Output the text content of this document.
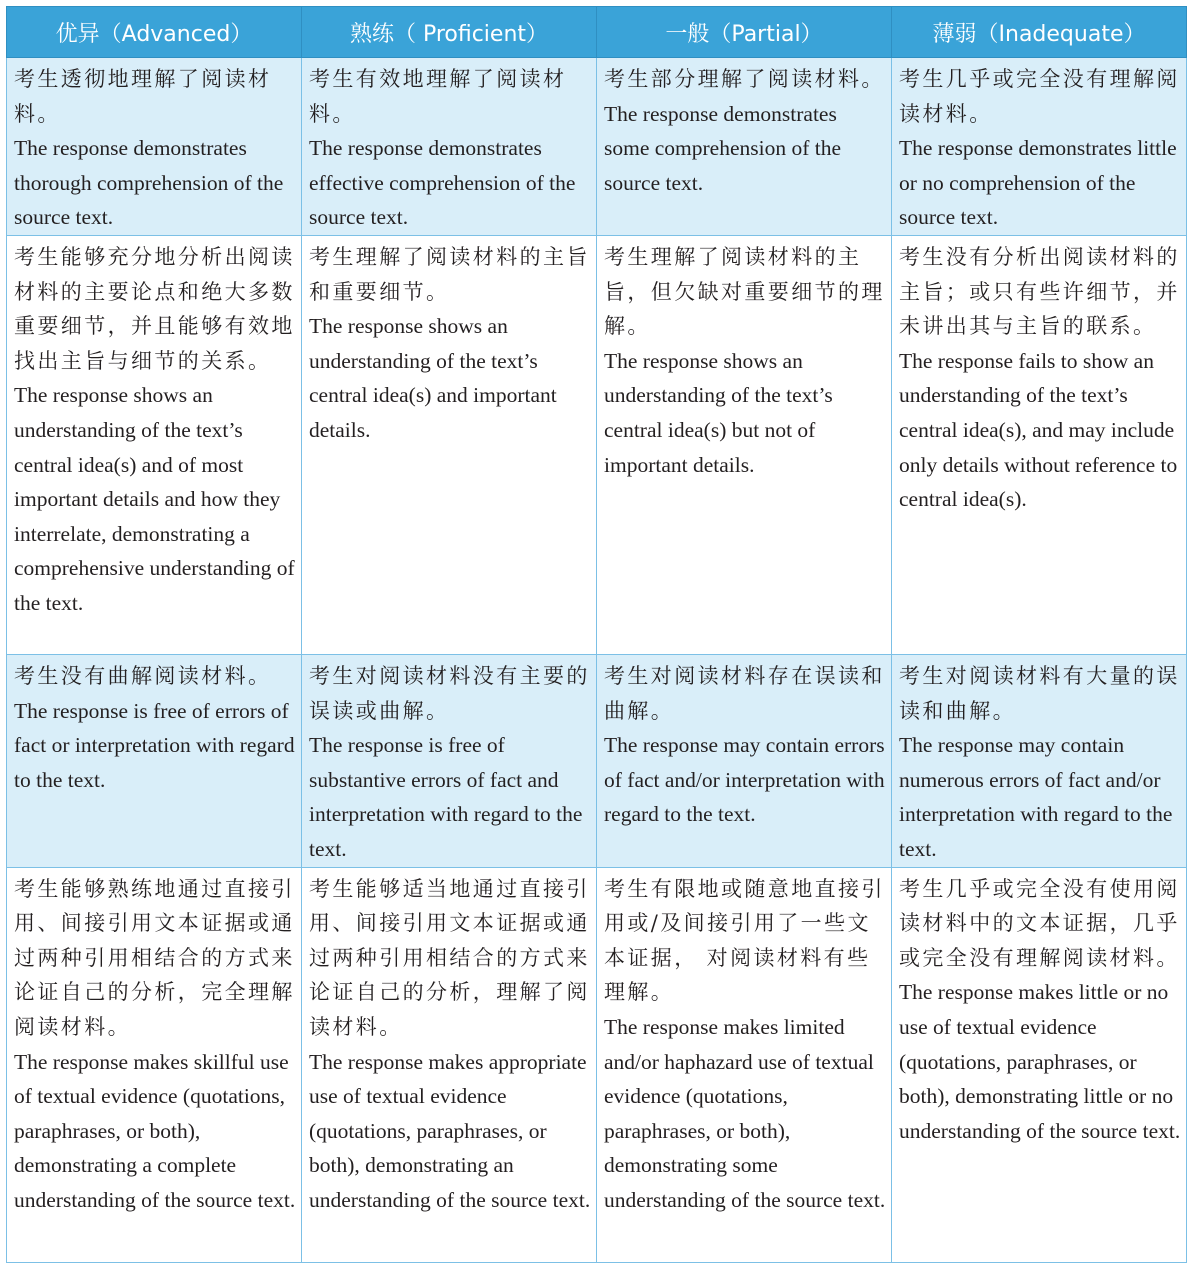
优异（Advanced）	熟练（ Proficient）	一般（Partial）	薄弱（Inadequate）

考生透彻地理解了阅读材料。
The response demonstrates thorough comprehension of the source text.	考生有效地理解了阅读材料。
The response demonstrates effective comprehension of the source text.	考生部分理解了阅读材料。
The response demonstrates some comprehension of the source text.	考生几乎或完全没有理解阅读材料。
The response demonstrates little or no comprehension of the source text.

考生能够充分地分析出阅读材料的主要论点和绝大多数重要细节，并且能够有效地找出主旨与细节的关系。
The response shows an understanding of the text’s central idea(s) and of most important details and how they interrelate, demonstrating a comprehensive understanding of the text.	考生理解了阅读材料的主旨和重要细节。
The response shows an understanding of the text’s central idea(s) and important details.	考生理解了阅读材料的主旨，但欠缺对重要细节的理解。
The response shows an understanding of the text’s central idea(s) but not of important details.	考生没有分析出阅读材料的主旨；或只有些许细节，并未讲出其与主旨的联系。
The response fails to show an understanding of the text’s central idea(s), and may include only details without reference to central idea(s).

考生没有曲解阅读材料。
The response is free of errors of fact or interpretation with regard to the text.	考生对阅读材料没有主要的误读或曲解。
The response is free of substantive errors of fact and interpretation with regard to the text.	考生对阅读材料存在误读和曲解。
The response may contain errors of fact and/or interpretation with regard to the text.	考生对阅读材料有大量的误读和曲解。
The response may contain numerous errors of fact and/or interpretation with regard to the text.

考生能够熟练地通过直接引用、间接引用文本证据或通过两种引用相结合的方式来论证自己的分析，完全理解阅读材料。
The response makes skillful use of textual evidence (quotations, paraphrases, or both), demonstrating a complete understanding of the source text.	考生能够适当地通过直接引用、间接引用文本证据或通过两种引用相结合的方式来论证自己的分析，理解了阅读材料。
The response makes appropriate use of textual evidence (quotations, paraphrases, or both), demonstrating an understanding of the source text.	考生有限地或随意地直接引用或/及间接引用了一些文本证据， 对阅读材料有些理解。
The response makes limited and/or haphazard use of textual evidence (quotations, paraphrases, or both), demonstrating some understanding of the source text.	考生几乎或完全没有使用阅读材料中的文本证据，几乎或完全没有理解阅读材料。
The response makes little or no use of textual evidence (quotations, paraphrases, or both), demonstrating little or no understanding of the source text.
